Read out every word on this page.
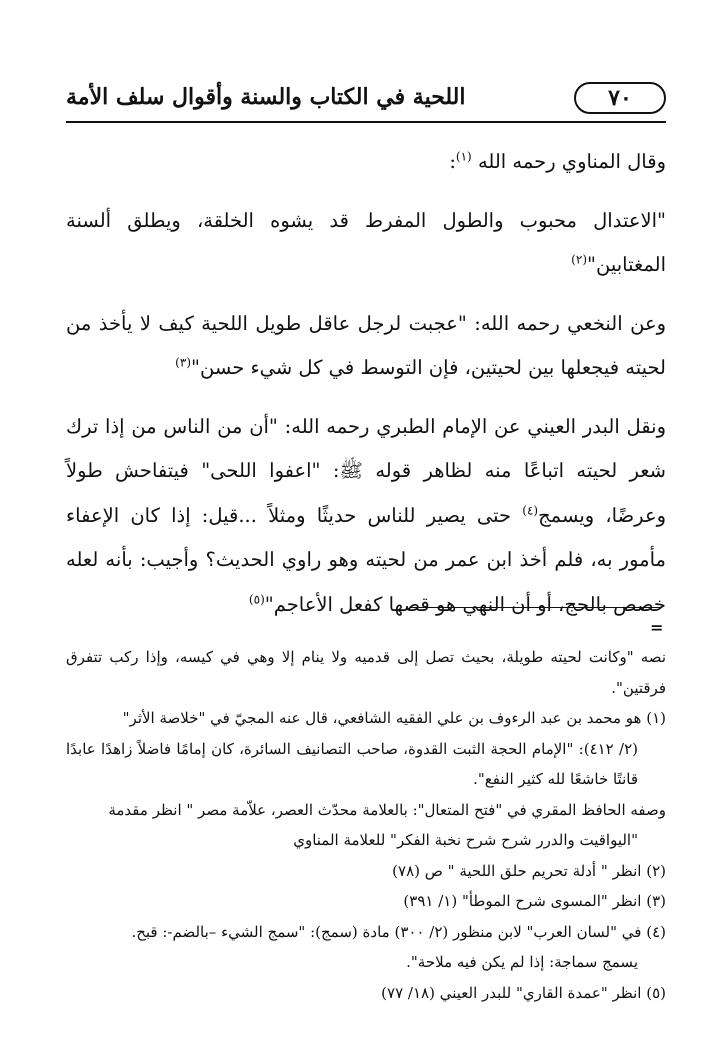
٧٠
اللحية في الكتاب والسنة وأقوال سلف الأمة

وقال المناوي رحمه الله $^{(١)}$:

"الاعتدال محبوب والطول المفرط قد يشوه الخلقة، ويطلق ألسنة المغتابين"$^{(٢)}$

وعن النخعي رحمه الله: "عجبت لرجل عاقل طويل اللحية كيف لا يأخذ من لحيته فيجعلها بين لحيتين، فإن التوسط في كل شيء حسن"$^{(٣)}$

ونقل البدر العيني عن الإمام الطبري رحمه الله: "أن من الناس من إذا ترك شعر لحيته اتباعًا منه لظاهر قوله ﷺ: "اعفوا اللحى" فيتفاحش طولاً وعرضًا، ويسمج$^{(٤)}$ حتى يصير للناس حديثًا ومثلاً ...قيل: إذا كان الإعفاء مأمور به، فلم أخذ ابن عمر من لحيته وهو راوي الحديث؟ وأجيب: بأنه لعله خصص بالحج، أو أن النهي هو قصها كفعل الأعاجم"$^{(٥)}$

=

نصه "وكانت لحيته طويلة، بحيث تصل إلى قدميه ولا ينام إلا وهي في كيسه، وإذا ركب تتفرق فرقتين".

(١) هو محمد بن عبد الرءوف بن علي الفقيه الشافعي، قال عنه المجيّ في "خلاصة الأثر"

(٢/ ٤١٢): "الإمام الحجة الثبت القدوة، صاحب التصانيف السائرة، كان إمامًا فاضلاً زاهدًا عابدًا قانتًا خاشعًا لله كثير النفع".

وصفه الحافظ المقري في "فتح المتعال": بالعلامة محدّث العصر، علاّمة مصر " انظر مقدمة

"اليواقيت والدرر شرح شرح نخبة الفكر" للعلامة المناوي

(٢) انظر " أدلة تحريم حلق اللحية " ص (٧٨)

(٣) انظر "المسوى شرح الموطأ" (١/ ٣٩١)

(٤) في "لسان العرب" لابن منظور (٢/ ٣٠٠) مادة (سمج): "سمج الشيء –بالضم-: قبح.

يسمج سماجة: إذا لم يكن فيه ملاحة".

(٥) انظر "عمدة القاري" للبدر العيني (١٨/ ٧٧)
